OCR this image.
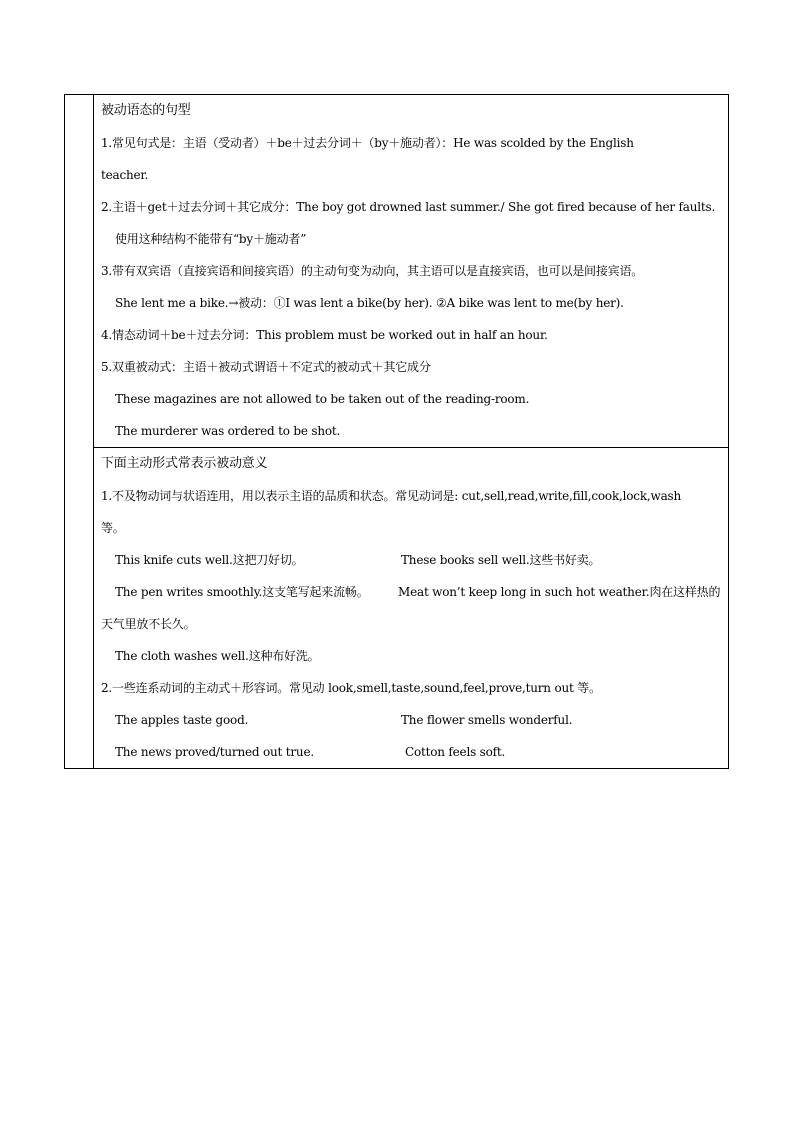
被动语态的句型
1.常见句式是：主语（受动者）＋be＋过去分词＋（by＋施动者）：He was scolded by the English
teacher.
2.主语＋get＋过去分词＋其它成分：The boy got drowned last summer./ She got fired because of her faults.
使用这种结构不能带有“by＋施动者”
3.带有双宾语（直接宾语和间接宾语）的主动句变为动向，其主语可以是直接宾语，也可以是间接宾语。
She lent me a bike.→被动：①I was lent a bike(by her). ②A bike was lent to me(by her).
4.情态动词＋be＋过去分词：This problem must be worked out in half an hour.
5.双重被动式：主语＋被动式谓语＋不定式的被动式＋其它成分
These magazines are not allowed to be taken out of the reading-room.
The murderer was ordered to be shot.
下面主动形式常表示被动意义
1.不及物动词与状语连用，用以表示主语的品质和状态。常见动词是: cut,sell,read,write,fill,cook,lock,wash
等。
This knife cuts well.这把刀好切。	These books sell well.这些书好卖。
The pen writes smoothly.这支笔写起来流畅。	Meat won’t keep long in such hot weather.肉在这样热的
天气里放不长久。
The cloth washes well.这种布好洗。
2.一些连系动词的主动式＋形容词。常见动 look,smell,taste,sound,feel,prove,turn out 等。
The apples taste good.	The flower smells wonderful.
The news proved/turned out true.	Cotton feels soft.
